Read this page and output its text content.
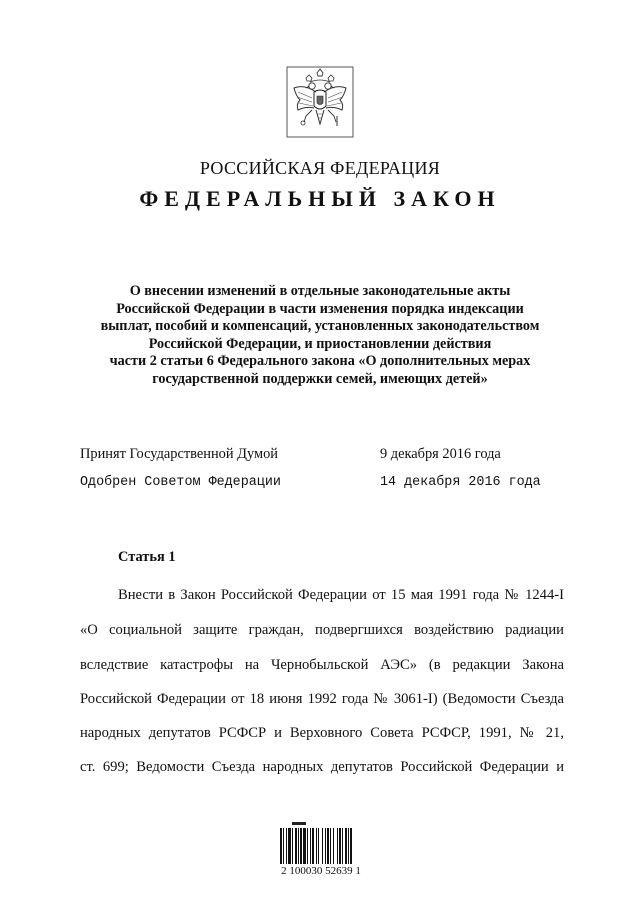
РОССИЙСКАЯ ФЕДЕРАЦИЯ
ФЕДЕРАЛЬНЫЙ ЗАКОН
О внесении изменений в отдельные законодательные акты
Российской Федерации в части изменения порядка индексации
выплат, пособий и компенсаций, установленных законодательством
Российской Федерации, и приостановлении действия
части 2 статьи 6 Федерального закона «О дополнительных мерах
государственной поддержки семей, имеющих детей»
Принят Государственной Думой	9 декабря 2016 года
Одобрен Советом Федерации	14 декабря 2016 года
Статья 1
Внести в Закон Российской Федерации от 15 мая 1991 года № 1244-I
«О социальной защите граждан, подвергшихся воздействию радиации
вследствие катастрофы на Чернобыльской АЭС» (в редакции Закона
Российской Федерации от 18 июня 1992 года № 3061-I) (Ведомости Съезда
народных депутатов РСФСР и Верховного Совета РСФСР, 1991, № 21,
ст. 699; Ведомости Съезда народных депутатов Российской Федерации и
2 100030 52639 1
